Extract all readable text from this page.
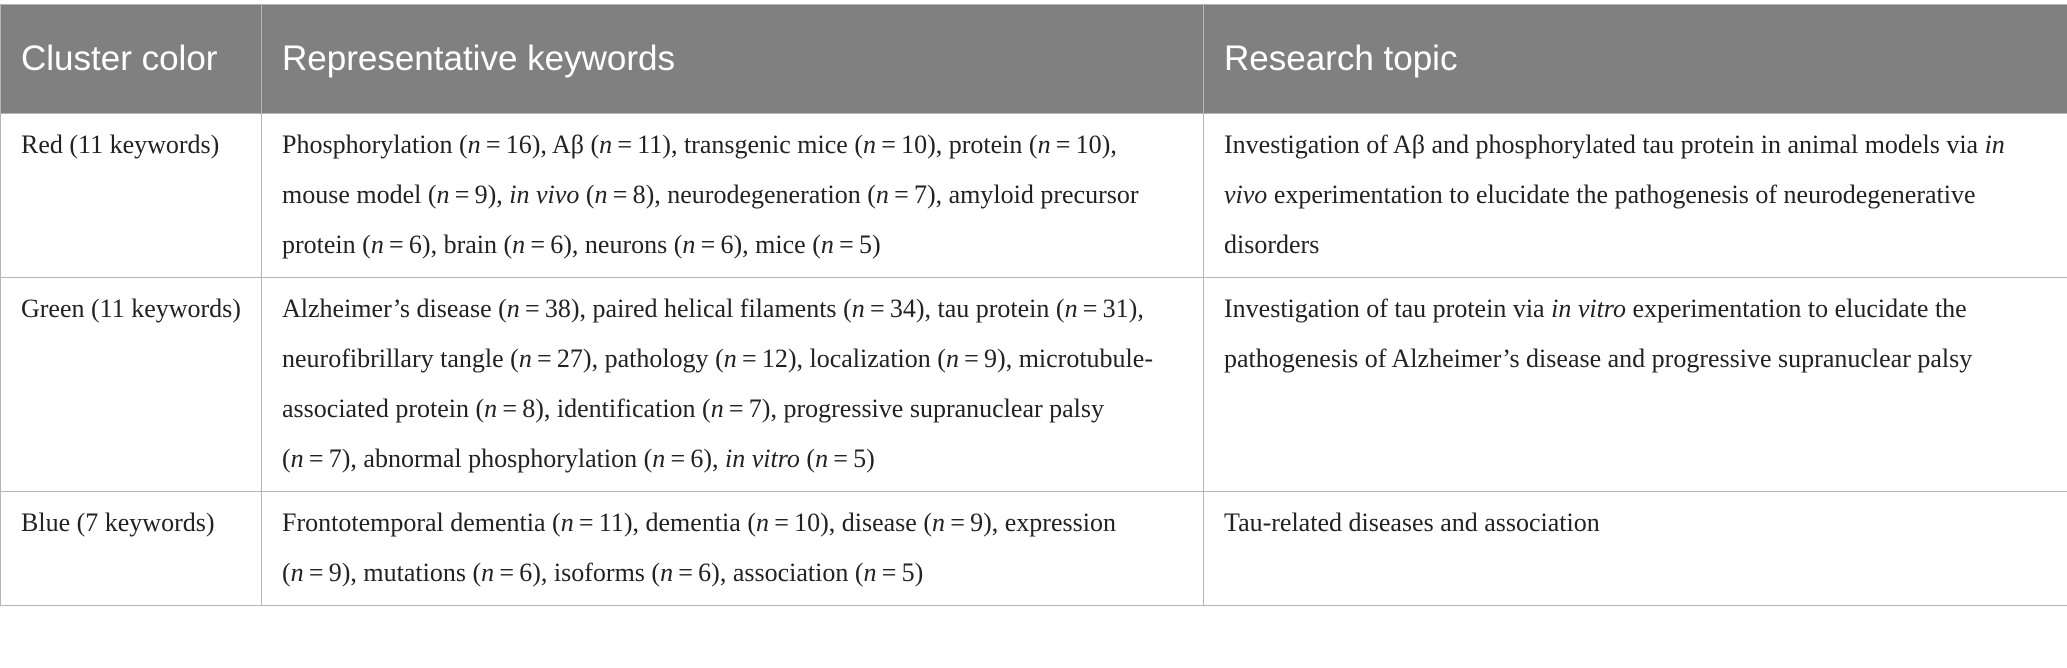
Cluster color	Representative keywords	Research topic
Red (11 keywords)	Phosphorylation (n = 16), Aβ (n = 11), transgenic mice (n = 10), protein (n = 10), mouse model (n = 9), in vivo (n = 8), neurodegeneration (n = 7), amyloid precursor protein (n = 6), brain (n = 6), neurons (n = 6), mice (n = 5)	Investigation of Aβ and phosphorylated tau protein in animal models via in vivo experimentation to elucidate the pathogenesis of neurodegenerative disorders
Green (11 keywords)	Alzheimer’s disease (n = 38), paired helical filaments (n = 34), tau protein (n = 31), neurofibrillary tangle (n = 27), pathology (n = 12), localization (n = 9), microtubule-associated protein (n = 8), identification (n = 7), progressive supranuclear palsy (n = 7), abnormal phosphorylation (n = 6), in vitro (n = 5)	Investigation of tau protein via in vitro experimentation to elucidate the pathogenesis of Alzheimer’s disease and progressive supranuclear palsy
Blue (7 keywords)	Frontotemporal dementia (n = 11), dementia (n = 10), disease (n = 9), expression (n = 9), mutations (n = 6), isoforms (n = 6), association (n = 5)	Tau-related diseases and association
